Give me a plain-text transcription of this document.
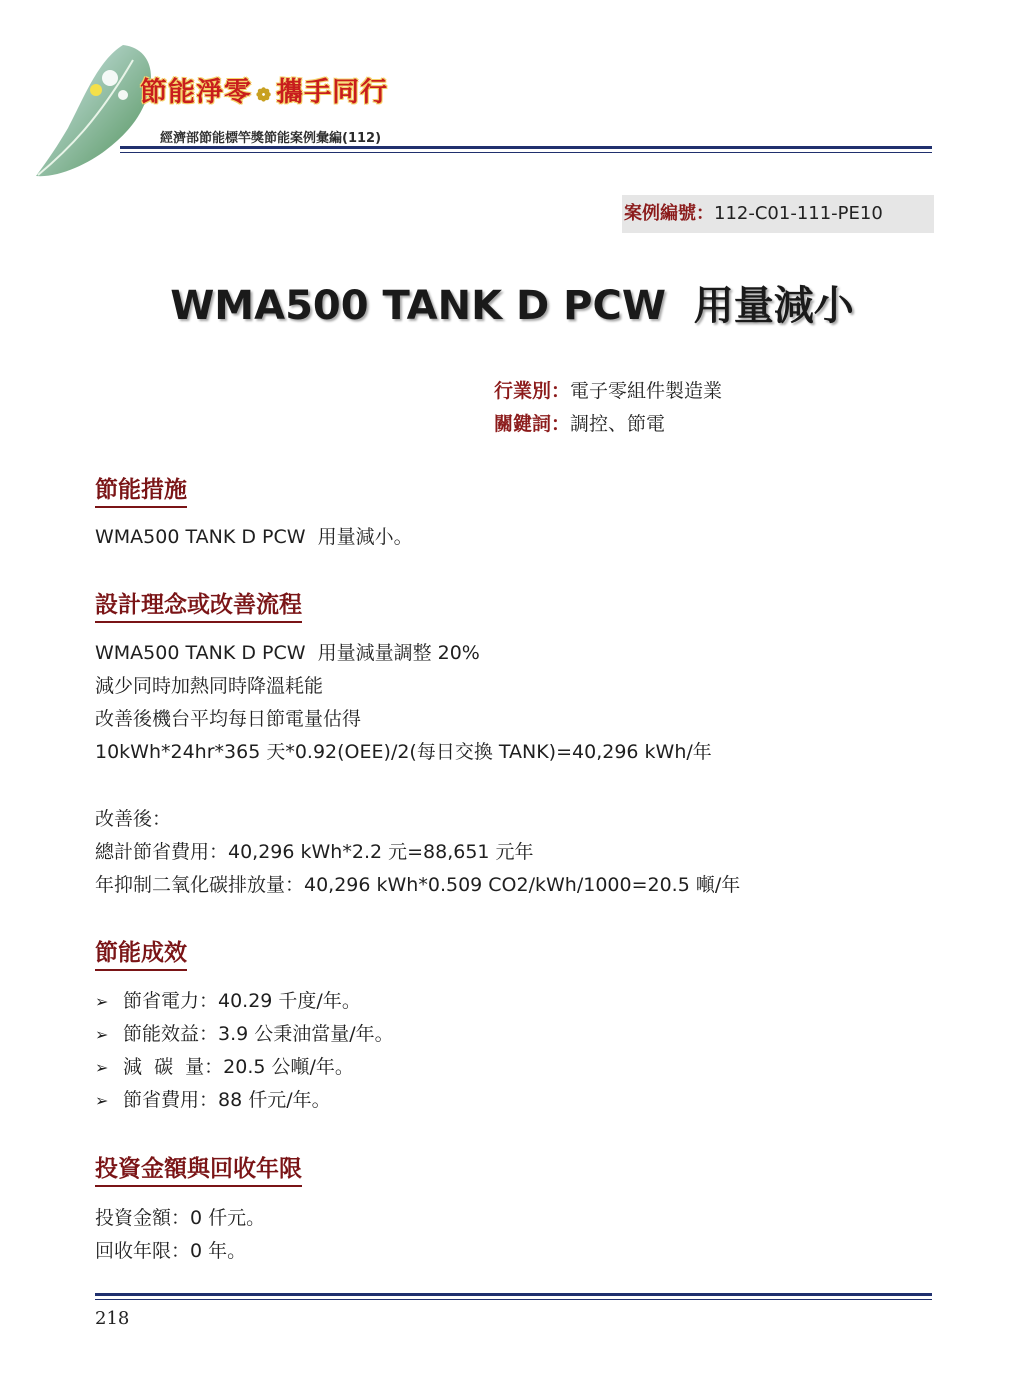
節能淨零 ❁ 攜手同行
經濟部節能標竿獎節能案例彙編(112)
案例編號：112-C01-111-PE10
WMA500 TANK D PCW  用量減小
行業別：電子零組件製造業
關鍵詞：調控、節電
節能措施
WMA500 TANK D PCW  用量減小。
設計理念或改善流程
WMA500 TANK D PCW  用量減量調整 20%
減少同時加熱同時降溫耗能
改善後機台平均每日節電量估得
10kWh*24hr*365 天*0.92(OEE)/2(每日交換 TANK)=40,296 kWh/年
改善後：
總計節省費用：40,296 kWh*2.2 元=88,651 元年
年抑制二氧化碳排放量：40,296 kWh*0.509 CO2/kWh/1000=20.5 噸/年
節能成效
➢ 節省電力：40.29 千度/年。
➢ 節能效益：3.9 公秉油當量/年。
➢ 減  碳  量：20.5 公噸/年。
➢ 節省費用：88 仟元/年。
投資金額與回收年限
投資金額：0 仟元。
回收年限：0 年。
218
